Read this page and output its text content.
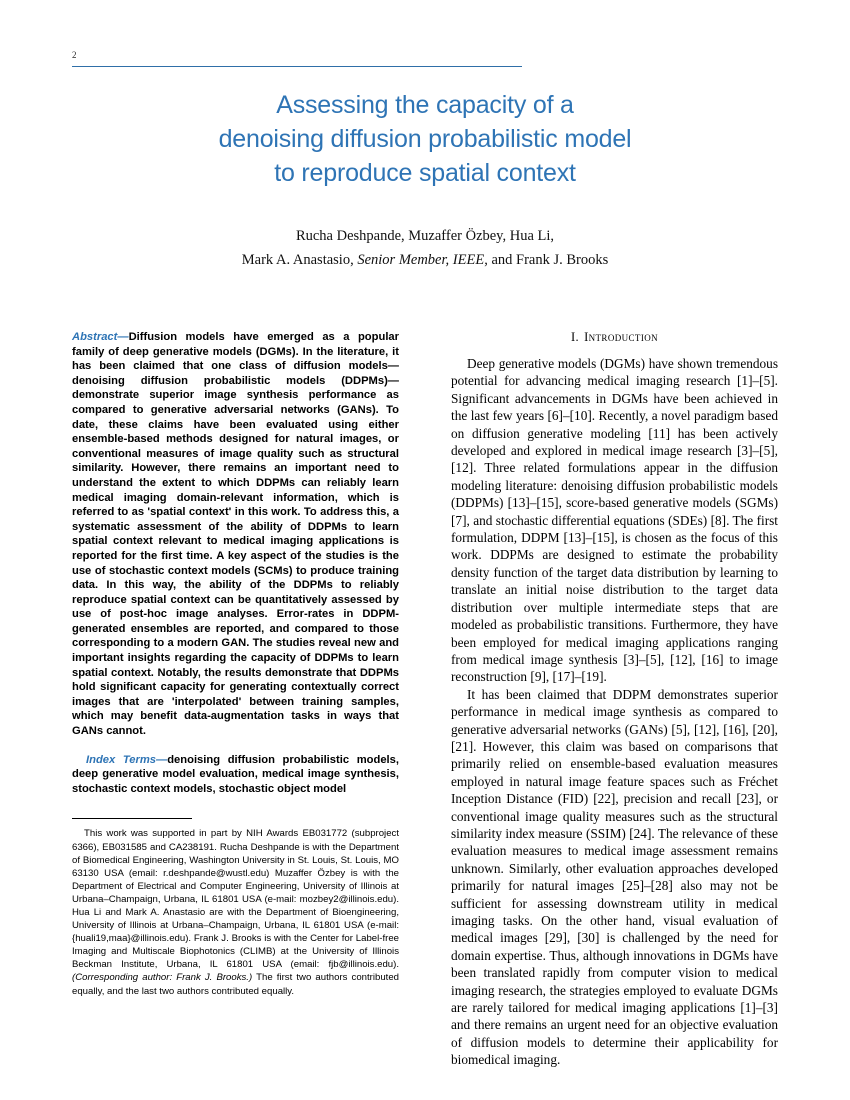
2
Assessing the capacity of a
denoising diffusion probabilistic model
to reproduce spatial context
Rucha Deshpande, Muzaffer Özbey, Hua Li,
Mark A. Anastasio, Senior Member, IEEE, and Frank J. Brooks

Abstract—Diffusion models have emerged as a popular family of deep generative models (DGMs). In the literature, it has been claimed that one class of diffusion models—denoising diffusion probabilistic models (DDPMs)—demonstrate superior image synthesis performance as compared to generative adversarial networks (GANs). To date, these claims have been evaluated using either ensemble-based methods designed for natural images, or conventional measures of image quality such as structural similarity. However, there remains an important need to understand the extent to which DDPMs can reliably learn medical imaging domain-relevant information, which is referred to as 'spatial context' in this work. To address this, a systematic assessment of the ability of DDPMs to learn spatial context relevant to medical imaging applications is reported for the first time. A key aspect of the studies is the use of stochastic context models (SCMs) to produce training data. In this way, the ability of the DDPMs to reliably reproduce spatial context can be quantitatively assessed by use of post-hoc image analyses. Error-rates in DDPM-generated ensembles are reported, and compared to those corresponding to a modern GAN. The studies reveal new and important insights regarding the capacity of DDPMs to learn spatial context. Notably, the results demonstrate that DDPMs hold significant capacity for generating contextually correct images that are 'interpolated' between training samples, which may benefit data-augmentation tasks in ways that GANs cannot.

Index Terms—denoising diffusion probabilistic models, deep generative model evaluation, medical image synthesis, stochastic context models, stochastic object model

This work was supported in part by NIH Awards EB031772 (subproject 6366), EB031585 and CA238191. Rucha Deshpande is with the Department of Biomedical Engineering, Washington University in St. Louis, St. Louis, MO 63130 USA (email: r.deshpande@wustl.edu) Muzaffer Özbey is with the Department of Electrical and Computer Engineering, University of Illinois at Urbana–Champaign, Urbana, IL 61801 USA (e-mail: mozbey2@illinois.edu). Hua Li and Mark A. Anastasio are with the Department of Bioengineering, University of Illinois at Urbana–Champaign, Urbana, IL 61801 USA (e-mail: {huali19,maa}@illinois.edu). Frank J. Brooks is with the Center for Label-free Imaging and Multiscale Biophotonics (CLIMB) at the University of Illinois Beckman Institute, Urbana, IL 61801 USA (email: fjb@illinois.edu). (Corresponding author: Frank J. Brooks.) The first two authors contributed equally, and the last two authors contributed equally.

I. Introduction

Deep generative models (DGMs) have shown tremendous potential for advancing medical imaging research [1]–[5]. Significant advancements in DGMs have been achieved in the last few years [6]–[10]. Recently, a novel paradigm based on diffusion generative modeling [11] has been actively developed and explored in medical image research [3]–[5], [12]. Three related formulations appear in the diffusion modeling literature: denoising diffusion probabilistic models (DDPMs) [13]–[15], score-based generative models (SGMs) [7], and stochastic differential equations (SDEs) [8]. The first formulation, DDPM [13]–[15], is chosen as the focus of this work. DDPMs are designed to estimate the probability density function of the target data distribution by learning to translate an initial noise distribution to the target data distribution over multiple intermediate steps that are modeled as probabilistic transitions. Furthermore, they have been employed for medical imaging applications ranging from medical image synthesis [3]–[5], [12], [16] to image reconstruction [9], [17]–[19].

It has been claimed that DDPM demonstrates superior performance in medical image synthesis as compared to generative adversarial networks (GANs) [5], [12], [16], [20], [21]. However, this claim was based on comparisons that primarily relied on ensemble-based evaluation measures employed in natural image feature spaces such as Fréchet Inception Distance (FID) [22], precision and recall [23], or conventional image quality measures such as the structural similarity index measure (SSIM) [24]. The relevance of these evaluation measures to medical image assessment remains unknown. Similarly, other evaluation approaches developed primarily for natural images [25]–[28] also may not be sufficient for assessing downstream utility in medical imaging tasks. On the other hand, visual evaluation of medical images [29], [30] is challenged by the need for domain expertise. Thus, although innovations in DGMs have been translated rapidly from computer vision to medical imaging research, the strategies employed to evaluate DGMs are rarely tailored for medical imaging applications [1]–[3] and there remains an urgent need for an objective evaluation of diffusion models to determine their applicability for biomedical imaging.
